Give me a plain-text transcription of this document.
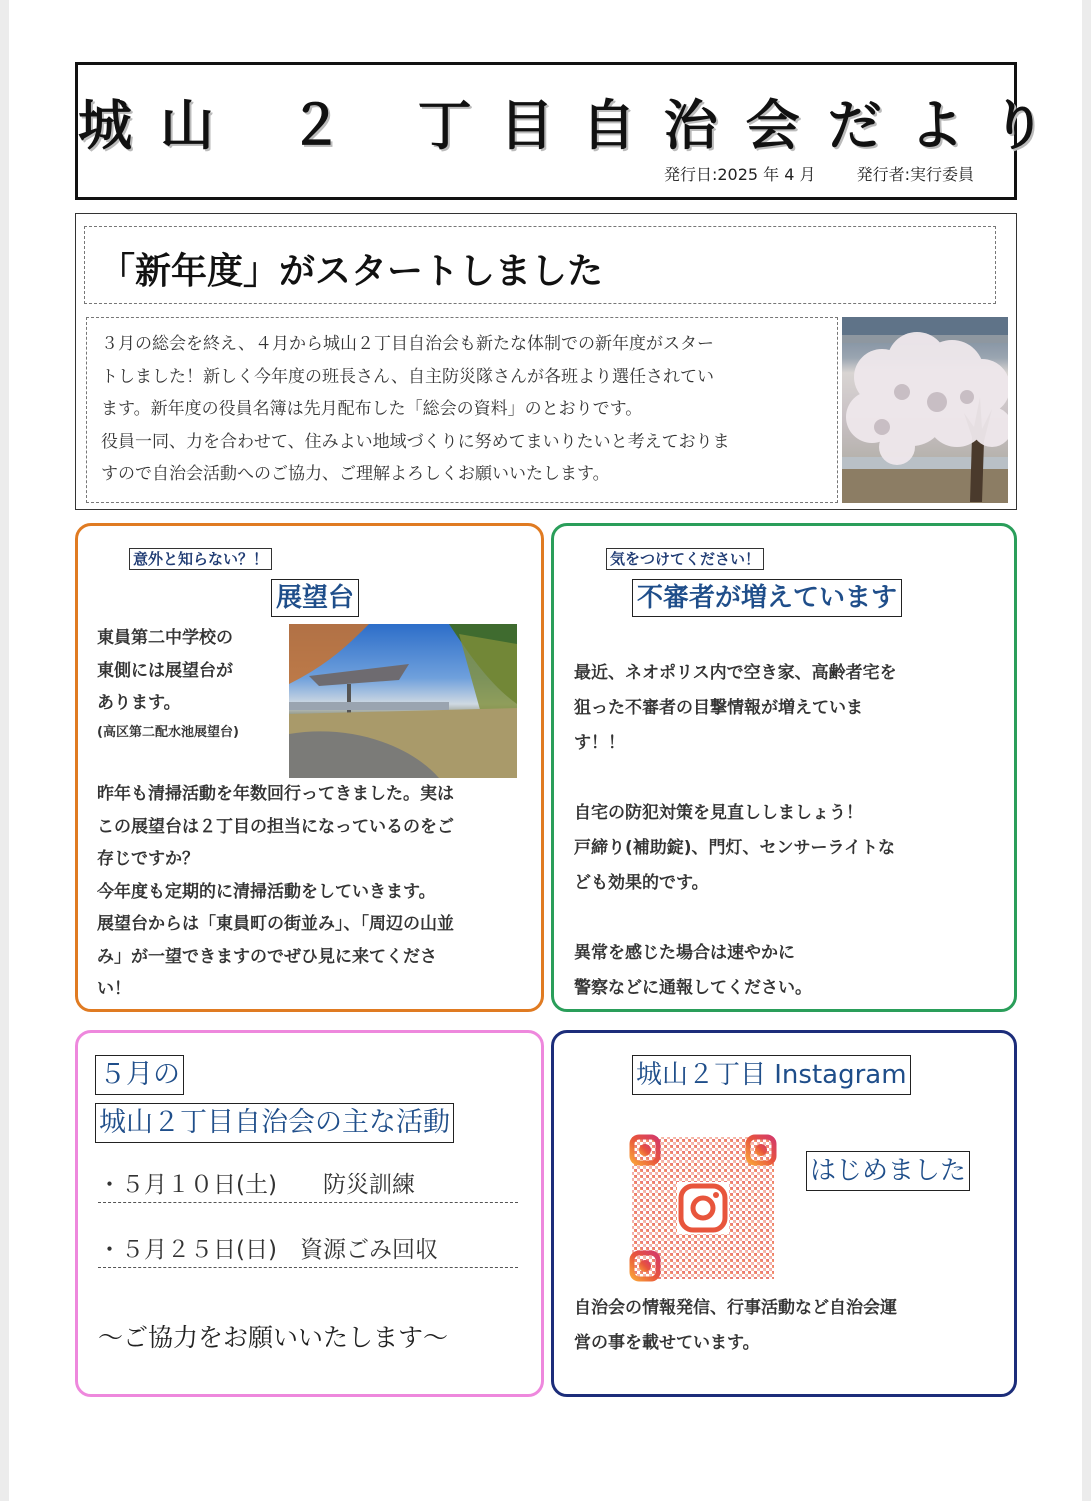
城山 ２ 丁目自治会だより
発行日:2025 年 4 月	発行者:実行委員
「新年度」がスタートしました

３月の総会を終え、４月から城山２丁目自治会も新たな体制での新年度がスター

トしました！新しく今年度の班長さん、自主防災隊さんが各班より選任されてい

ます。新年度の役員名簿は先月配布した「総会の資料」のとおりです。

役員一同、力を合わせて、住みよい地域づくりに努めてまいりたいと考えておりま

すので自治会活動へのご協力、ご理解よろしくお願いいたします。

意外と知らない？！
展望台

東員第二中学校の

東側には展望台が

あります。

(高区第二配水池展望台)

昨年も清掃活動を年数回行ってきました。実は

この展望台は２丁目の担当になっているのをご

存じですか？

今年度も定期的に清掃活動をしていきます。

展望台からは「東員町の街並み」、「周辺の山並

み」が一望できますのでぜひ見に来てくださ

い！

気をつけてください！
不審者が増えています

最近、ネオポリス内で空き家、高齢者宅を

狙った不審者の目撃情報が増えていま

す！！

自宅の防犯対策を見直ししましょう！

戸締り(補助錠)、門灯、センサーライトな

ども効果的です。

異常を感じた場合は速やかに

警察などに通報してください。

５月の
城山２丁目自治会の主な活動
・５月１０日(土)　　防災訓練
・５月２５日(日)　資源ごみ回収
～ご協力をお願いいたします～
城山２丁目 Instagram
はじめました

自治会の情報発信、行事活動など自治会運

営の事を載せています。
